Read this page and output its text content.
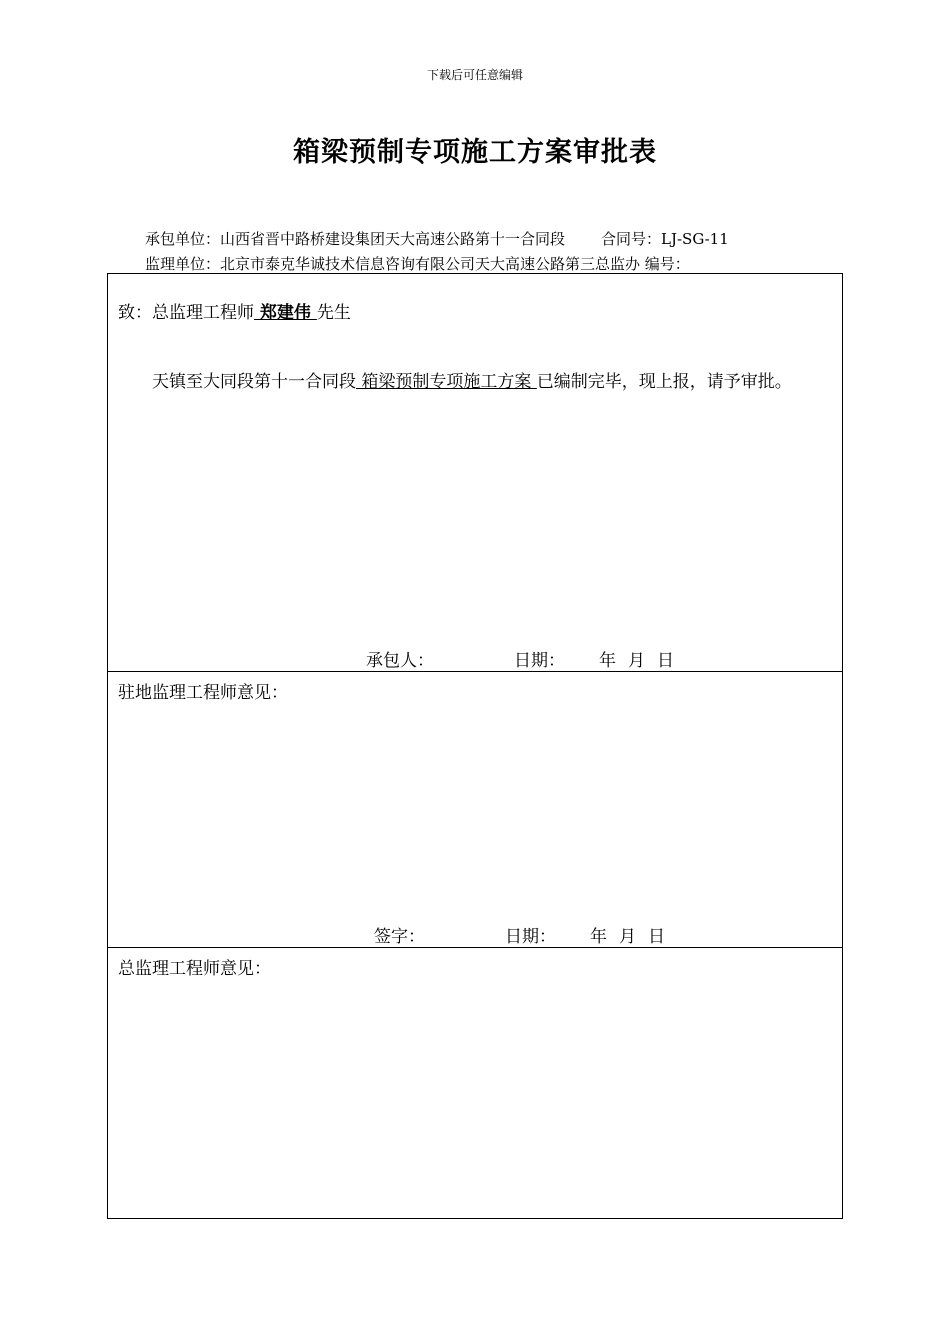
下载后可任意编辑
箱梁预制专项施工方案审批表
承包单位：山西省晋中路桥建设集团天大高速公路第十一合同段 合同号：LJ-SG-11
监理单位：北京市泰克华诚技术信息咨询有限公司天大高速公路第三总监办 编号：
致：总监理工程师 郑建伟 先生
天镇至大同段第十一合同段 箱梁预制专项施工方案 已编制完毕，现上报，请予审批。
承包人：	日期： 年 月 日
驻地监理工程师意见：
签字：	日期： 年 月 日
总监理工程师意见：
